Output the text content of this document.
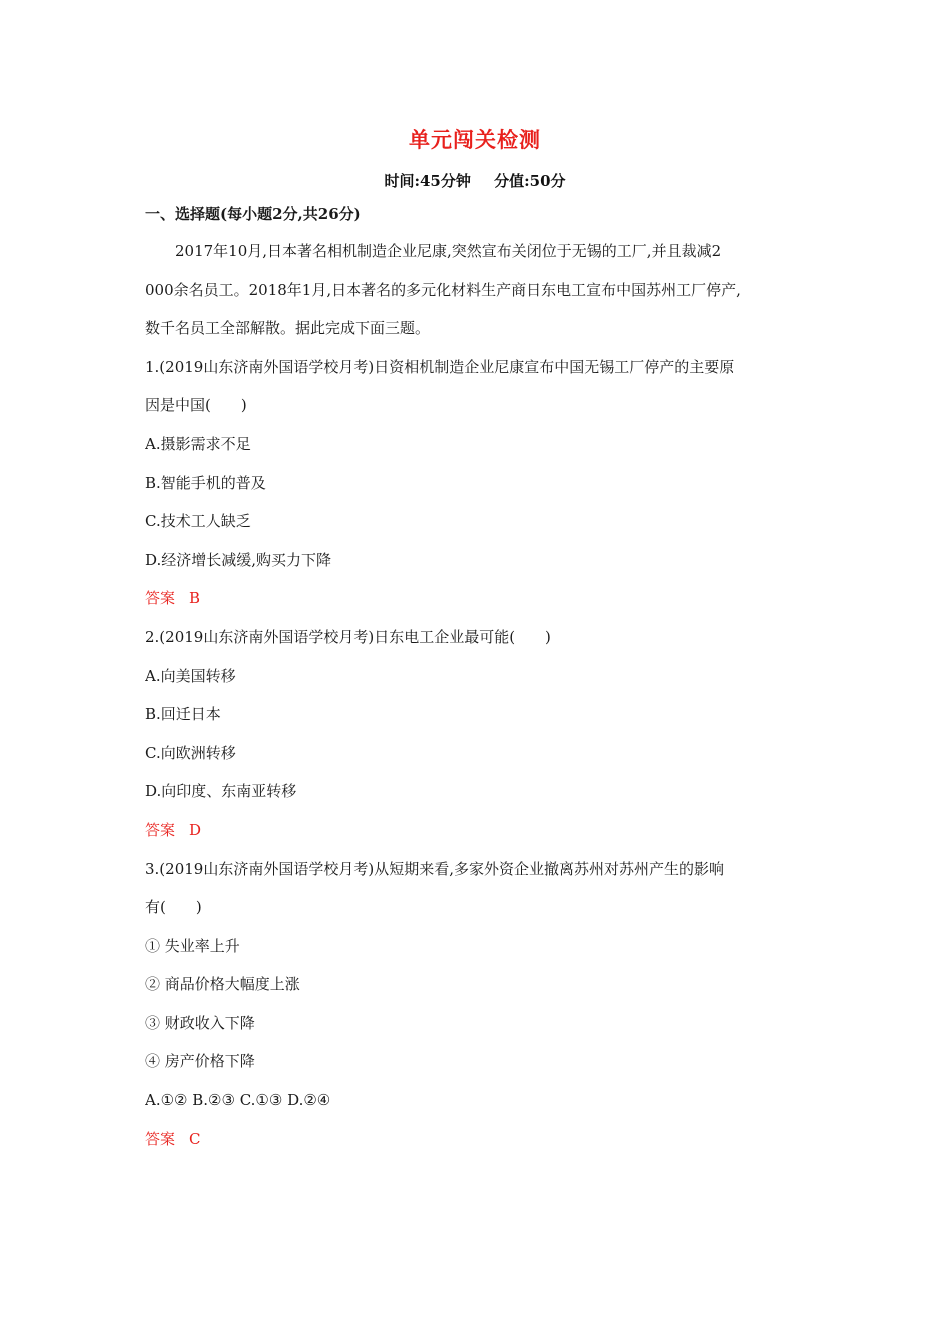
单元闯关检测
时间:45分钟 分值:50分
一、选择题(每小题2分,共26分)
2017年10月,日本著名相机制造企业尼康,突然宣布关闭位于无锡的工厂,并且裁减2
000余名员工。2018年1月,日本著名的多元化材料生产商日东电工宣布中国苏州工厂停产,
数千名员工全部解散。据此完成下面三题。
1.(2019山东济南外国语学校月考)日资相机制造企业尼康宣布中国无锡工厂停产的主要原
因是中国(　　)
A.摄影需求不足
B.智能手机的普及
C.技术工人缺乏
D.经济增长减缓,购买力下降
答案 B
2.(2019山东济南外国语学校月考)日东电工企业最可能(　　)
A.向美国转移
B.回迁日本
C.向欧洲转移
D.向印度、东南亚转移
答案 D
3.(2019山东济南外国语学校月考)从短期来看,多家外资企业撤离苏州对苏州产生的影响
有(　　)
① 失业率上升
② 商品价格大幅度上涨
③ 财政收入下降
④ 房产价格下降
A.①② B.②③ C.①③ D.②④
答案 C
